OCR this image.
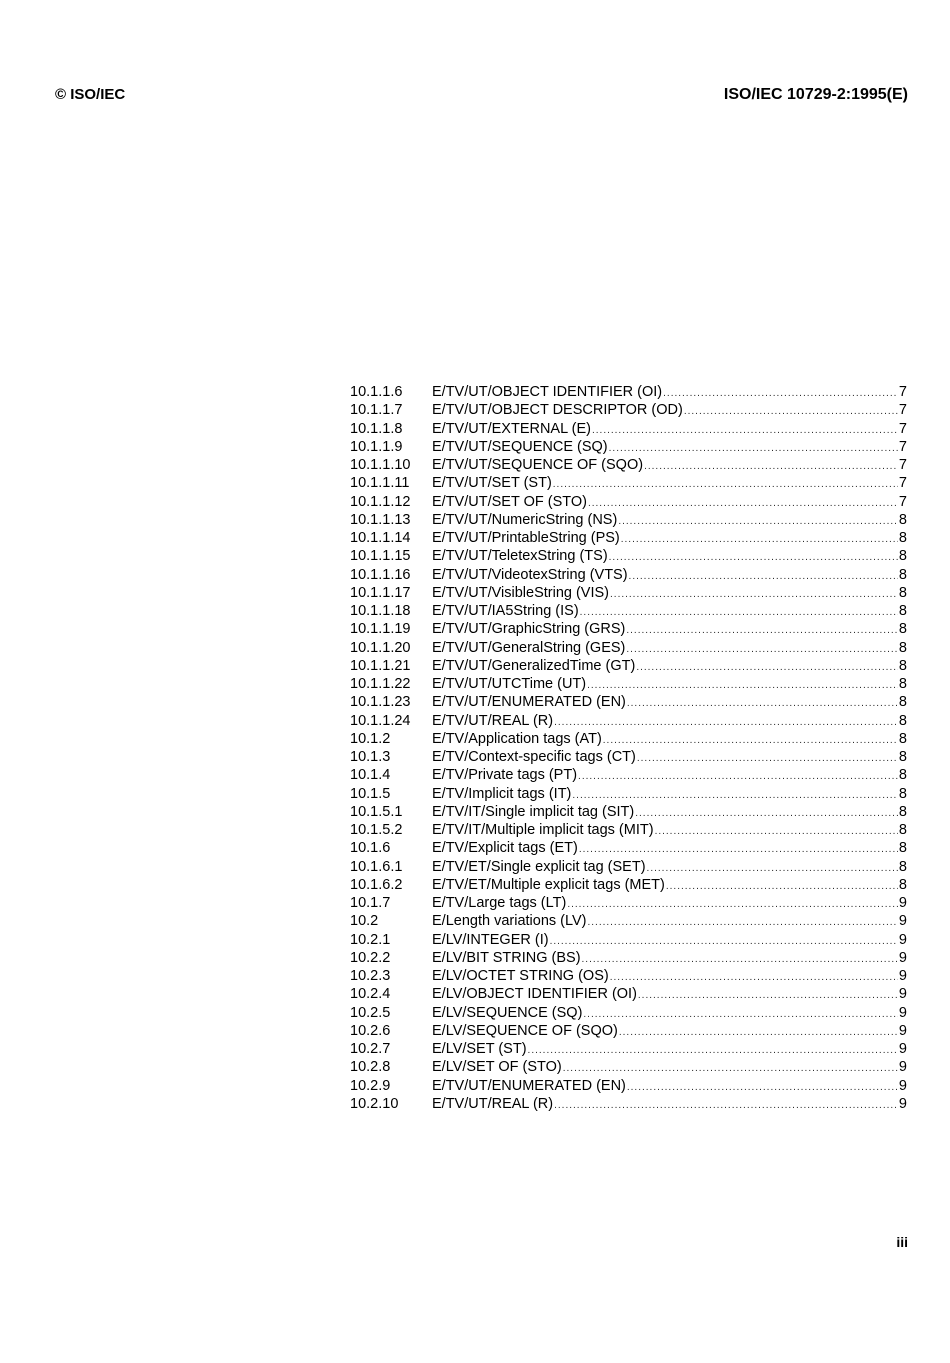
© ISO/IEC	ISO/IEC 10729-2:1995(E)
10.1.1.6	E/TV/UT/OBJECT IDENTIFIER (OI) .....	7
10.1.1.7	E/TV/UT/OBJECT DESCRIPTOR (OD) .....	7
10.1.1.8	E/TV/UT/EXTERNAL (E) .....	7
10.1.1.9	E/TV/UT/SEQUENCE (SQ) .....	7
10.1.1.10	E/TV/UT/SEQUENCE OF (SQO) .....	7
10.1.1.11	E/TV/UT/SET (ST) .....	7
10.1.1.12	E/TV/UT/SET OF (STO) .....	7
10.1.1.13	E/TV/UT/NumericString (NS) .....	8
10.1.1.14	E/TV/UT/PrintableString (PS) .....	8
10.1.1.15	E/TV/UT/TeletexString (TS) .....	8
10.1.1.16	E/TV/UT/VideotexString (VTS) .....	8
10.1.1.17	E/TV/UT/VisibleString (VIS) .....	8
10.1.1.18	E/TV/UT/IA5String (IS) .....	8
10.1.1.19	E/TV/UT/GraphicString (GRS) .....	8
10.1.1.20	E/TV/UT/GeneralString (GES) .....	8
10.1.1.21	E/TV/UT/GeneralizedTime (GT) .....	8
10.1.1.22	E/TV/UT/UTCTime (UT) .....	8
10.1.1.23	E/TV/UT/ENUMERATED (EN) .....	8
10.1.1.24	E/TV/UT/REAL (R) .....	8
10.1.2	E/TV/Application tags (AT) .....	8
10.1.3	E/TV/Context-specific tags (CT) .....	8
10.1.4	E/TV/Private tags (PT) .....	8
10.1.5	E/TV/Implicit tags (IT) .....	8
10.1.5.1	E/TV/IT/Single implicit tag (SIT) .....	8
10.1.5.2	E/TV/IT/Multiple implicit tags (MIT) .....	8
10.1.6	E/TV/Explicit tags (ET) .....	8
10.1.6.1	E/TV/ET/Single explicit tag (SET) .....	8
10.1.6.2	E/TV/ET/Multiple explicit tags (MET) .....	8
10.1.7	E/TV/Large tags (LT) .....	9
10.2	E/Length variations (LV) .....	9
10.2.1	E/LV/INTEGER (I) .....	9
10.2.2	E/LV/BIT STRING (BS) .....	9
10.2.3	E/LV/OCTET STRING (OS) .....	9
10.2.4	E/LV/OBJECT IDENTIFIER (OI) .....	9
10.2.5	E/LV/SEQUENCE (SQ) .....	9
10.2.6	E/LV/SEQUENCE OF (SQO) .....	9
10.2.7	E/LV/SET (ST) .....	9
10.2.8	E/LV/SET OF (STO) .....	9
10.2.9	E/TV/UT/ENUMERATED (EN) .....	9
10.2.10	E/TV/UT/REAL (R) .....	9
iii
